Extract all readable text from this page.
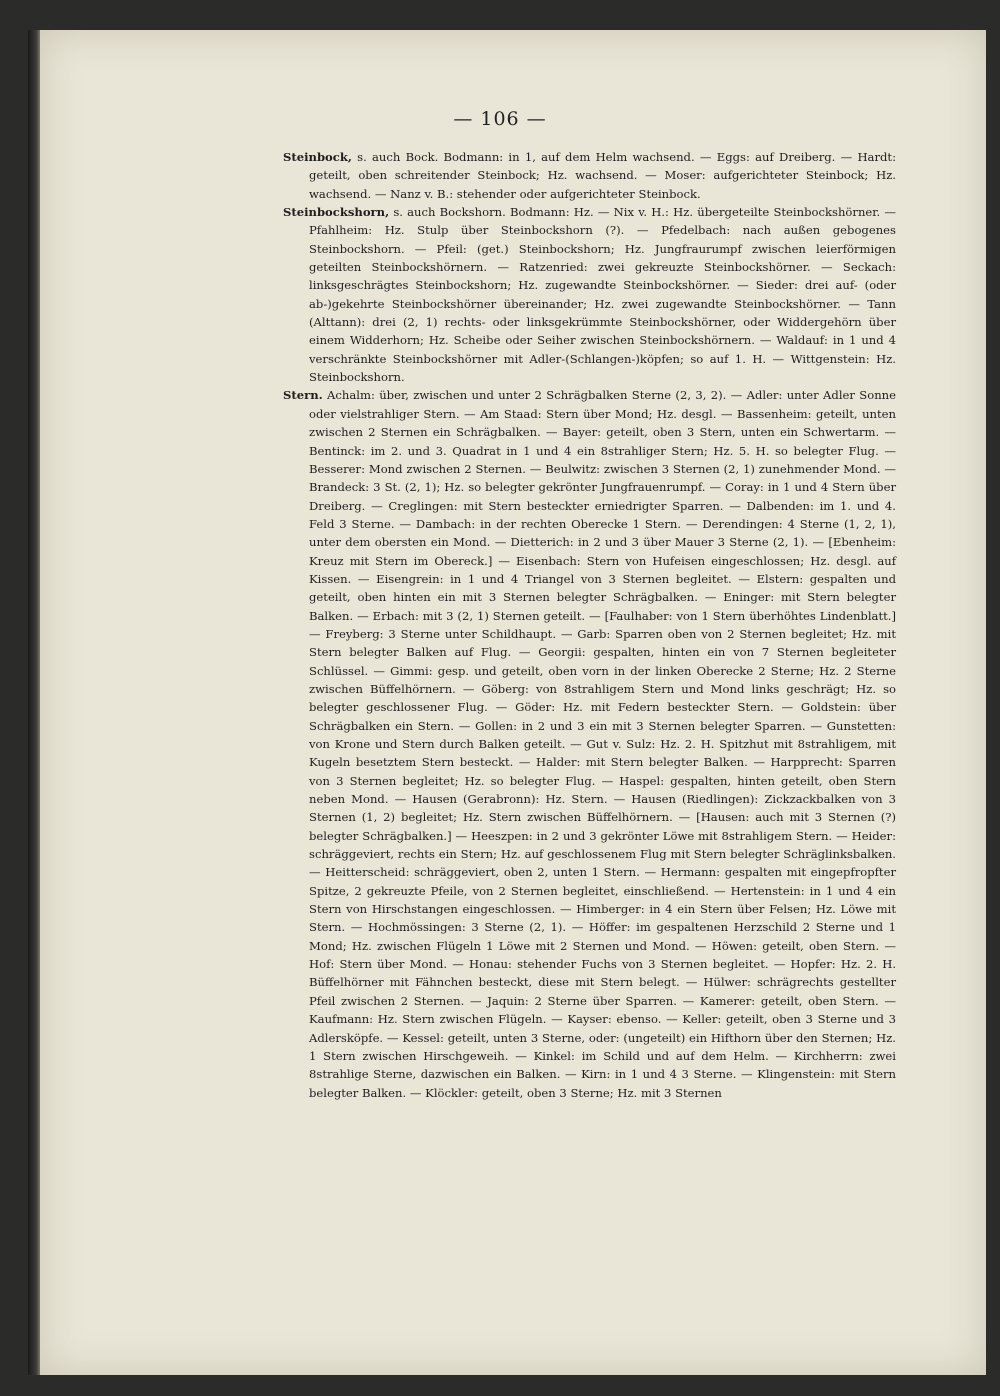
— 106 —

Steinbock, s. auch Bock. Bodmann: in 1, auf dem Helm wachsend. — Eggs: auf Dreiberg. — Hardt: geteilt, oben schreitender Steinbock; Hz. wachsend. — Moser: aufgerichteter Steinbock; Hz. wachsend. — Nanz v. B.: stehender oder aufgerichteter Steinbock.

Steinbockshorn, s. auch Bockshorn. Bodmann: Hz. — Nix v. H.: Hz. übergeteilte Steinbockshörner. — Pfahlheim: Hz. Stulp über Steinbockshorn (?). — Pfedelbach: nach außen gebogenes Steinbockshorn. — Pfeil: (get.) Steinbockshorn; Hz. Jungfraurumpf zwischen leierförmigen geteilten Steinbockshörnern. — Ratzenried: zwei gekreuzte Steinbockshörner. — Seckach: linksgeschrägtes Steinbockshorn; Hz. zugewandte Steinbockshörner. — Sieder: drei auf- (oder ab-)gekehrte Steinbockshörner übereinander; Hz. zwei zugewandte Steinbockshörner. — Tann (Alttann): drei (2, 1) rechts- oder linksgekrümmte Steinbockshörner, oder Widdergehörn über einem Widderhorn; Hz. Scheibe oder Seiher zwischen Steinbockshörnern. — Waldauf: in 1 und 4 verschränkte Steinbockshörner mit Adler-(Schlangen-)köpfen; so auf 1. H. — Wittgenstein: Hz. Steinbockshorn.

Stern. Achalm: über, zwischen und unter 2 Schrägbalken Sterne (2, 3, 2). — Adler: unter Adler Sonne oder vielstrahliger Stern. — Am Staad: Stern über Mond; Hz. desgl. — Bassenheim: geteilt, unten zwischen 2 Sternen ein Schrägbalken. — Bayer: geteilt, oben 3 Stern, unten ein Schwertarm. — Bentinck: im 2. und 3. Quadrat in 1 und 4 ein 8strahliger Stern; Hz. 5. H. so belegter Flug. — Besserer: Mond zwischen 2 Sternen. — Beulwitz: zwischen 3 Sternen (2, 1) zunehmender Mond. — Brandeck: 3 St. (2, 1); Hz. so belegter gekrönter Jungfrauenrumpf. — Coray: in 1 und 4 Stern über Dreiberg. — Creglingen: mit Stern besteckter erniedrigter Sparren. — Dalbenden: im 1. und 4. Feld 3 Sterne. — Dambach: in der rechten Oberecke 1 Stern. — Derendingen: 4 Sterne (1, 2, 1), unter dem obersten ein Mond. — Dietterich: in 2 und 3 über Mauer 3 Sterne (2, 1). — [Ebenheim: Kreuz mit Stern im Obereck.] — Eisenbach: Stern von Hufeisen eingeschlossen; Hz. desgl. auf Kissen. — Eisengrein: in 1 und 4 Triangel von 3 Sternen begleitet. — Elstern: gespalten und geteilt, oben hinten ein mit 3 Sternen belegter Schrägbalken. — Eninger: mit Stern belegter Balken. — Erbach: mit 3 (2, 1) Sternen geteilt. — [Faulhaber: von 1 Stern überhöhtes Lindenblatt.] — Freyberg: 3 Sterne unter Schildhaupt. — Garb: Sparren oben von 2 Sternen begleitet; Hz. mit Stern belegter Balken auf Flug. — Georgii: gespalten, hinten ein von 7 Sternen begleiteter Schlüssel. — Gimmi: gesp. und geteilt, oben vorn in der linken Oberecke 2 Sterne; Hz. 2 Sterne zwischen Büffelhörnern. — Göberg: von 8strahligem Stern und Mond links geschrägt; Hz. so belegter geschlossener Flug. — Göder: Hz. mit Federn besteckter Stern. — Goldstein: über Schrägbalken ein Stern. — Gollen: in 2 und 3 ein mit 3 Sternen belegter Sparren. — Gunstetten: von Krone und Stern durch Balken geteilt. — Gut v. Sulz: Hz. 2. H. Spitzhut mit 8strahligem, mit Kugeln besetztem Stern besteckt. — Halder: mit Stern belegter Balken. — Harpprecht: Sparren von 3 Sternen begleitet; Hz. so belegter Flug. — Haspel: gespalten, hinten geteilt, oben Stern neben Mond. — Hausen (Gerabronn): Hz. Stern. — Hausen (Riedlingen): Zickzackbalken von 3 Sternen (1, 2) begleitet; Hz. Stern zwischen Büffelhörnern. — [Hausen: auch mit 3 Sternen (?) belegter Schrägbalken.] — Heeszpen: in 2 und 3 gekrönter Löwe mit 8strahligem Stern. — Heider: schräggeviert, rechts ein Stern; Hz. auf geschlossenem Flug mit Stern belegter Schräglinksbalken. — Heitterscheid: schräggeviert, oben 2, unten 1 Stern. — Hermann: gespalten mit eingepfropfter Spitze, 2 gekreuzte Pfeile, von 2 Sternen begleitet, einschließend. — Hertenstein: in 1 und 4 ein Stern von Hirschstangen eingeschlossen. — Himberger: in 4 ein Stern über Felsen; Hz. Löwe mit Stern. — Hochmössingen: 3 Sterne (2, 1). — Höffer: im gespaltenen Herzschild 2 Sterne und 1 Mond; Hz. zwischen Flügeln 1 Löwe mit 2 Sternen und Mond. — Höwen: geteilt, oben Stern. — Hof: Stern über Mond. — Honau: stehender Fuchs von 3 Sternen begleitet. — Hopfer: Hz. 2. H. Büffelhörner mit Fähnchen besteckt, diese mit Stern belegt. — Hülwer: schrägrechts gestellter Pfeil zwischen 2 Sternen. — Jaquin: 2 Sterne über Sparren. — Kamerer: geteilt, oben Stern. — Kaufmann: Hz. Stern zwischen Flügeln. — Kayser: ebenso. — Keller: geteilt, oben 3 Sterne und 3 Adlersköpfe. — Kessel: geteilt, unten 3 Sterne, oder: (ungeteilt) ein Hifthorn über den Sternen; Hz. 1 Stern zwischen Hirschgeweih. — Kinkel: im Schild und auf dem Helm. — Kirchherrn: zwei 8strahlige Sterne, dazwischen ein Balken. — Kirn: in 1 und 4 3 Sterne. — Klingenstein: mit Stern belegter Balken. — Klöckler: geteilt, oben 3 Sterne; Hz. mit 3 Sternen
